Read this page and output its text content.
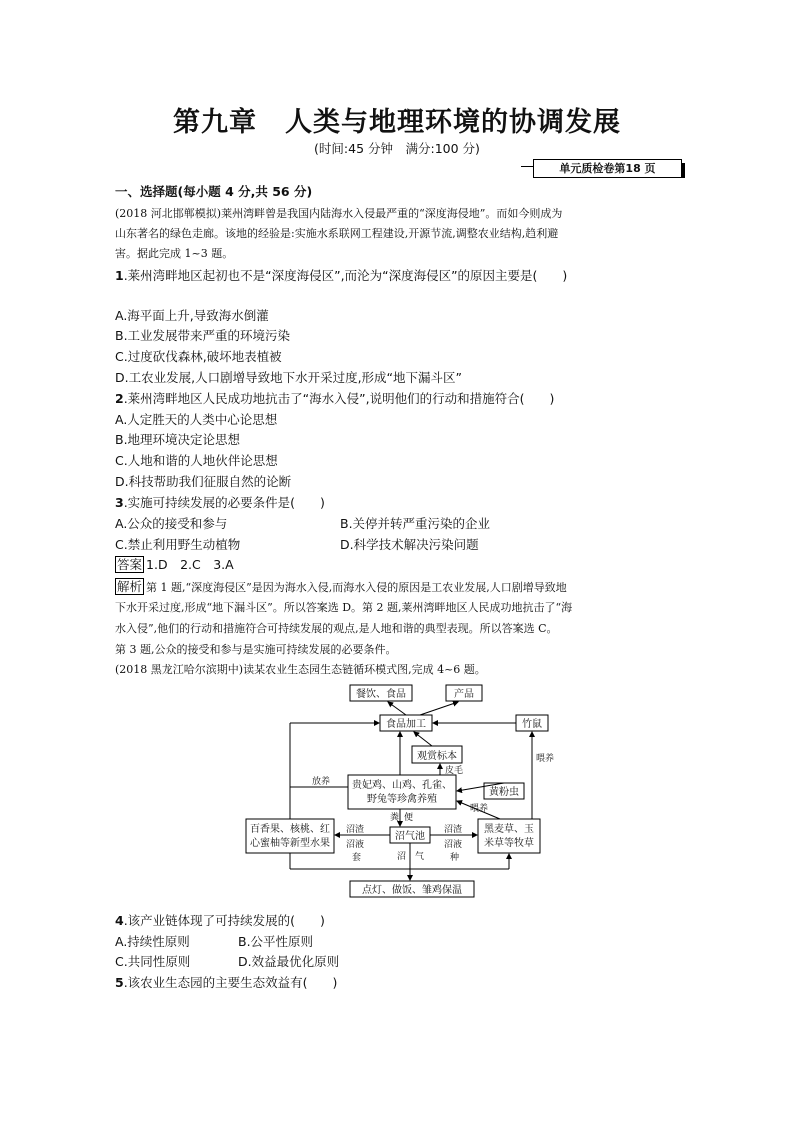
第九章 人类与地理环境的协调发展
(时间:45 分钟　满分:100 分)
单元质检卷第18 页
一、选择题(每小题 4 分,共 56 分)
(2018 河北邯郸模拟)莱州湾畔曾是我国内陆海水入侵最严重的“深度海侵地”。而如今则成为
山东著名的绿色走廊。该地的经验是:实施水系联网工程建设,开源节流,调整农业结构,趋利避
害。据此完成 1~3 题。
1.莱州湾畔地区起初也不是“深度海侵区”,而沦为“深度海侵区”的原因主要是(　　)
A.海平面上升,导致海水倒灌
B.工业发展带来严重的环境污染
C.过度砍伐森林,破坏地表植被
D.工农业发展,人口剧增导致地下水开采过度,形成“地下漏斗区”
2.莱州湾畔地区人民成功地抗击了“海水入侵”,说明他们的行动和措施符合(　　)
A.人定胜天的人类中心论思想
B.地理环境决定论思想
C.人地和谐的人地伙伴论思想
D.科技帮助我们征服自然的论断
3.实施可持续发展的必要条件是(　　)
A.公众的接受和参与	B.关停并转严重污染的企业
C.禁止利用野生动植物	D.科学技术解决污染问题
答案 1.D　2.C　3.A
解析 第 1 题,“深度海侵区”是因为海水入侵,而海水入侵的原因是工农业发展,人口剧增导致地
下水开采过度,形成“地下漏斗区”。所以答案选 D。第 2 题,莱州湾畔地区人民成功地抗击了“海
水入侵”,他们的行动和措施符合可持续发展的观点,是人地和谐的典型表现。所以答案选 C。
第 3 题,公众的接受和参与是实施可持续发展的必要条件。
(2018 黑龙江哈尔滨期中)读某农业生态园生态链循环模式图,完成 4~6 题。
餐饮、食品	产品
食品加工	竹鼠
观赏标本
皮毛
贵妃鸡、山鸡、孔雀、
野兔等珍禽养殖
黄粉虫
百香果、核桃、红
心蜜柚等新型水果
沼气池
黑麦草、玉
米草等牧草
点灯、做饭、雏鸡保温
放养
喂养
喂养
粪 便
沼渣
沼液
套
沼渣
沼液
种
沼 气
4.该产业链体现了可持续发展的(　　)
A.持续性原则	B.公平性原则
C.共同性原则	D.效益最优化原则
5.该农业生态园的主要生态效益有(　　)
